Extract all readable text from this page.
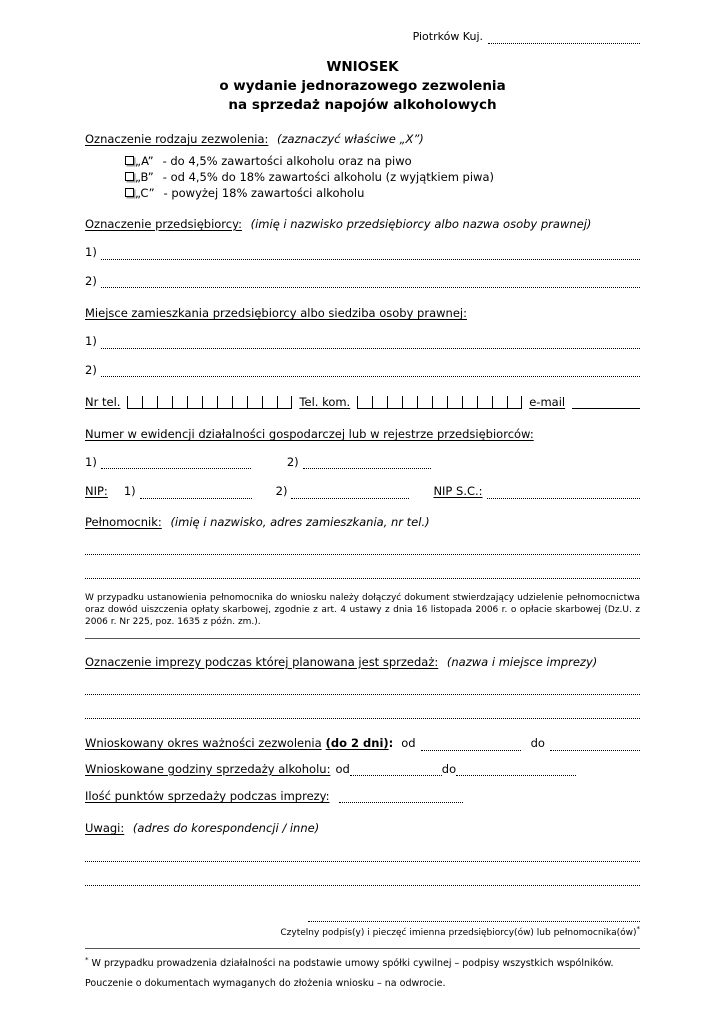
Piotrków Kuj.
WNIOSEK
o wydanie jednorazowego zezwolenia
na sprzedaż napojów alkoholowych
Oznaczenie rodzaju zezwolenia: (zaznaczyć właściwe „X”)
„A” - do 4,5% zawartości alkoholu oraz na piwo
„B” - od 4,5% do 18% zawartości alkoholu (z wyjątkiem piwa)
„C” - powyżej 18% zawartości alkoholu
Oznaczenie przedsiębiorcy: (imię i nazwisko przedsiębiorcy albo nazwa osoby prawnej)
1)
2)
Miejsce zamieszkania przedsiębiorcy albo siedziba osoby prawnej:
1)
2)
Nr tel.	Tel. kom.	e-mail
Numer w ewidencji działalności gospodarczej lub w rejestrze przedsiębiorców:
1)	2)
NIP: 1)	2)	NIP S.C.:
Pełnomocnik: (imię i nazwisko, adres zamieszkania, nr tel.)

W przypadku ustanowienia pełnomocnika do wniosku należy dołączyć dokument stwierdzający udzielenie pełnomocnictwa oraz dowód uiszczenia opłaty skarbowej, zgodnie z art. 4 ustawy z dnia 16 listopada 2006 r. o opłacie skarbowej (Dz.U. z 2006 r. Nr 225, poz. 1635 z późn. zm.).

Oznaczenie imprezy podczas której planowana jest sprzedaż: (nazwa i miejsce imprezy)
Wnioskowany okres ważności zezwolenia (do 2 dni) : od	do
Wnioskowane godziny sprzedaży alkoholu: od	do
Ilość punktów sprzedaży podczas imprezy:
Uwagi: (adres do korespondencji / inne)
Czytelny podpis(y) i pieczęć imienna przedsiębiorcy(ów) lub pełnomocnika(ów)*
* W przypadku prowadzenia działalności na podstawie umowy spółki cywilnej – podpisy wszystkich wspólników.
Pouczenie o dokumentach wymaganych do złożenia wniosku – na odwrocie.
